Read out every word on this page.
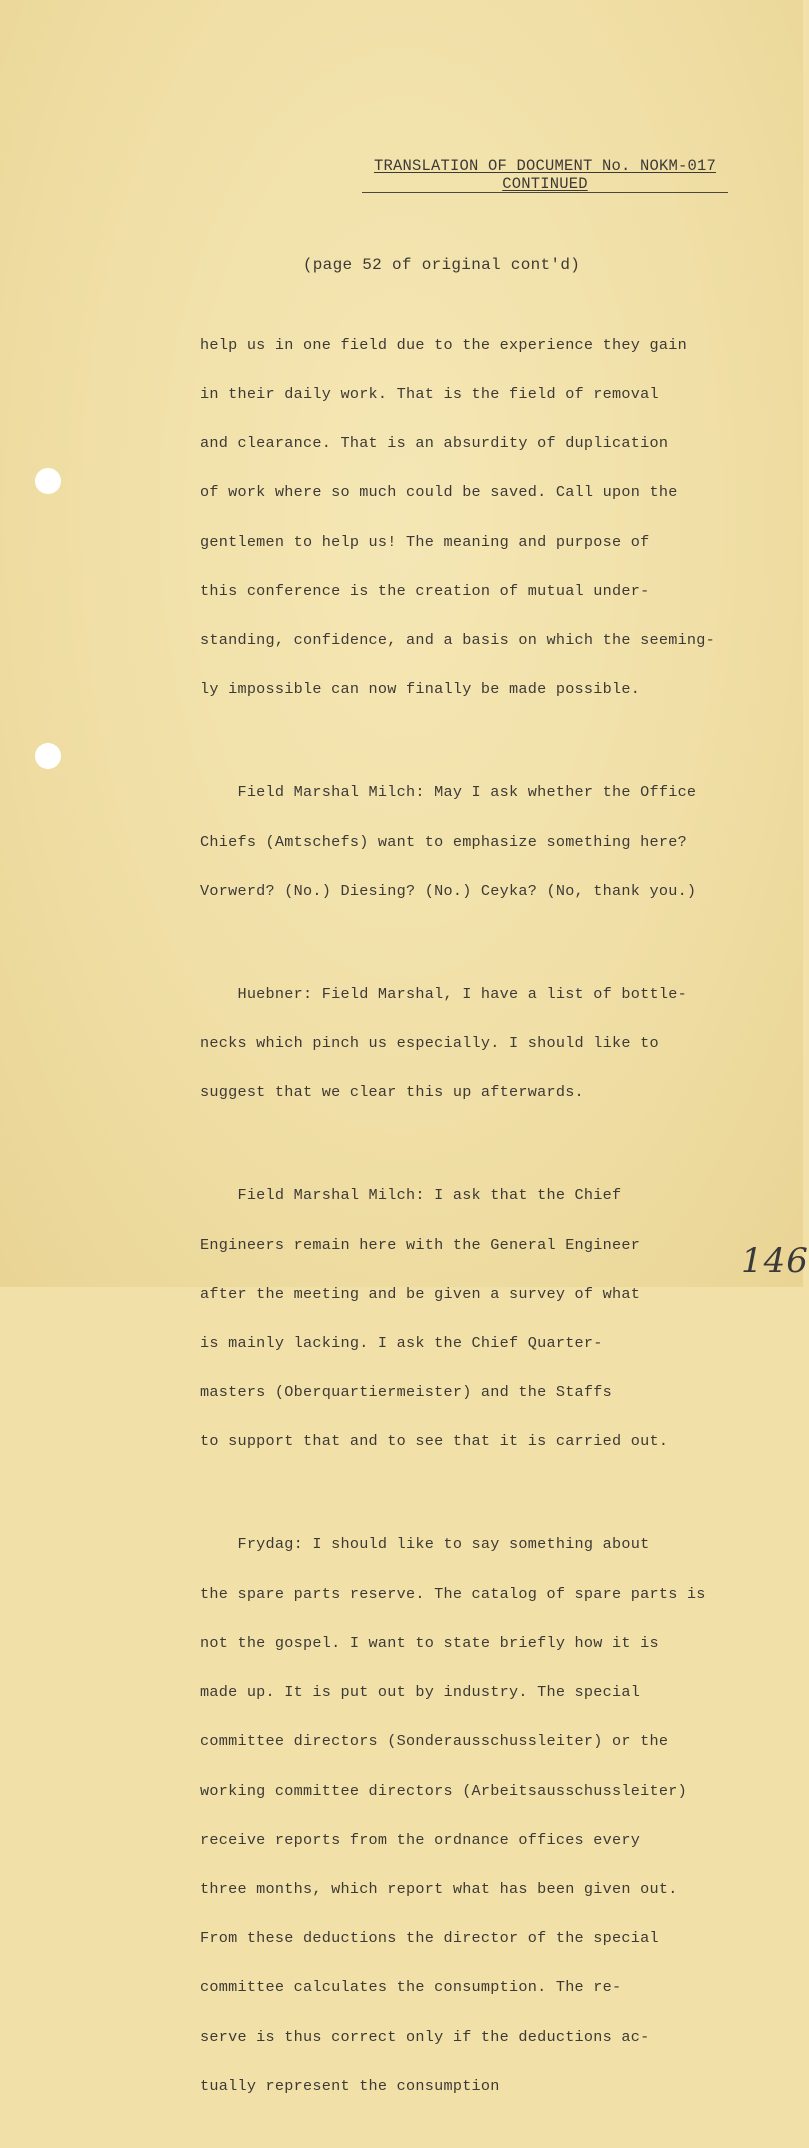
TRANSLATION OF DOCUMENT No. NOKM-017
CONTINUED
(page 52 of original cont'd)

help us in one field due to the experience they gain

in their daily work. That is the field of removal

and clearance. That is an absurdity of duplication

of work where so much could be saved. Call upon the

gentlemen to help us! The meaning and purpose of

this conference is the creation of mutual under-

standing, confidence, and a basis on which the seeming-

ly impossible can now finally be made possible.

Field Marshal Milch: May I ask whether the Office

Chiefs (Amtschefs) want to emphasize something here?

Vorwerd? (No.) Diesing? (No.) Ceyka? (No, thank you.)

Huebner: Field Marshal, I have a list of bottle-

necks which pinch us especially. I should like to

suggest that we clear this up afterwards.

Field Marshal Milch: I ask that the Chief

Engineers remain here with the General Engineer

after the meeting and be given a survey of what

is mainly lacking. I ask the Chief Quarter-

masters (Oberquartiermeister) and the Staffs

to support that and to see that it is carried out.

Frydag: I should like to say something about

the spare parts reserve. The catalog of spare parts is

not the gospel. I want to state briefly how it is

made up. It is put out by industry. The special

committee directors (Sonderausschussleiter) or the

working committee directors (Arbeitsausschussleiter)

receive reports from the ordnance offices every

three months, which report what has been given out.

From these deductions the director of the special

committee calculates the consumption. The re-

serve is thus correct only if the deductions ac-

tually represent the consumption

146
